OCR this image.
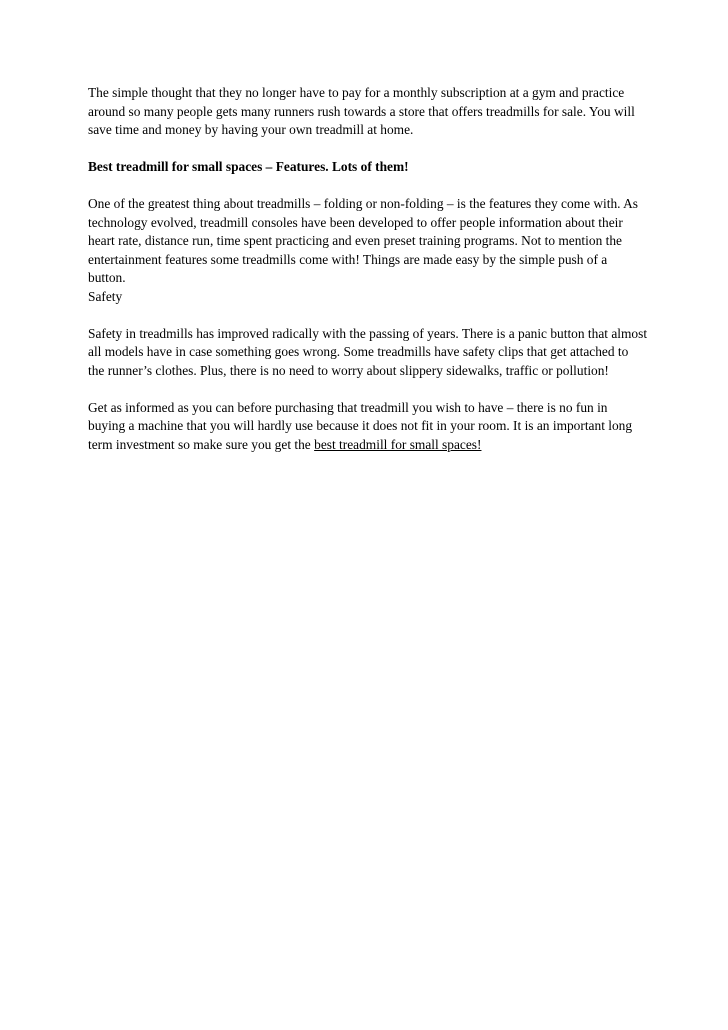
The simple thought that they no longer have to pay for a monthly subscription at a gym and practice around so many people gets many runners rush towards a store that offers treadmills for sale. You will save time and money by having your own treadmill at home.

Best treadmill for small spaces – Features. Lots of them!

One of the greatest thing about treadmills – folding or non-folding – is the features they come with. As technology evolved, treadmill consoles have been developed to offer people information about their heart rate, distance run, time spent practicing and even preset training programs. Not to mention the entertainment features some treadmills come with! Things are made easy by the simple push of a button.

Safety

Safety in treadmills has improved radically with the passing of years. There is a panic button that almost all models have in case something goes wrong. Some treadmills have safety clips that get attached to the runner’s clothes. Plus, there is no need to worry about slippery sidewalks, traffic or pollution!

Get as informed as you can before purchasing that treadmill you wish to have – there is no fun in buying a machine that you will hardly use because it does not fit in your room. It is an important long term investment so make sure you get the best treadmill for small spaces!
